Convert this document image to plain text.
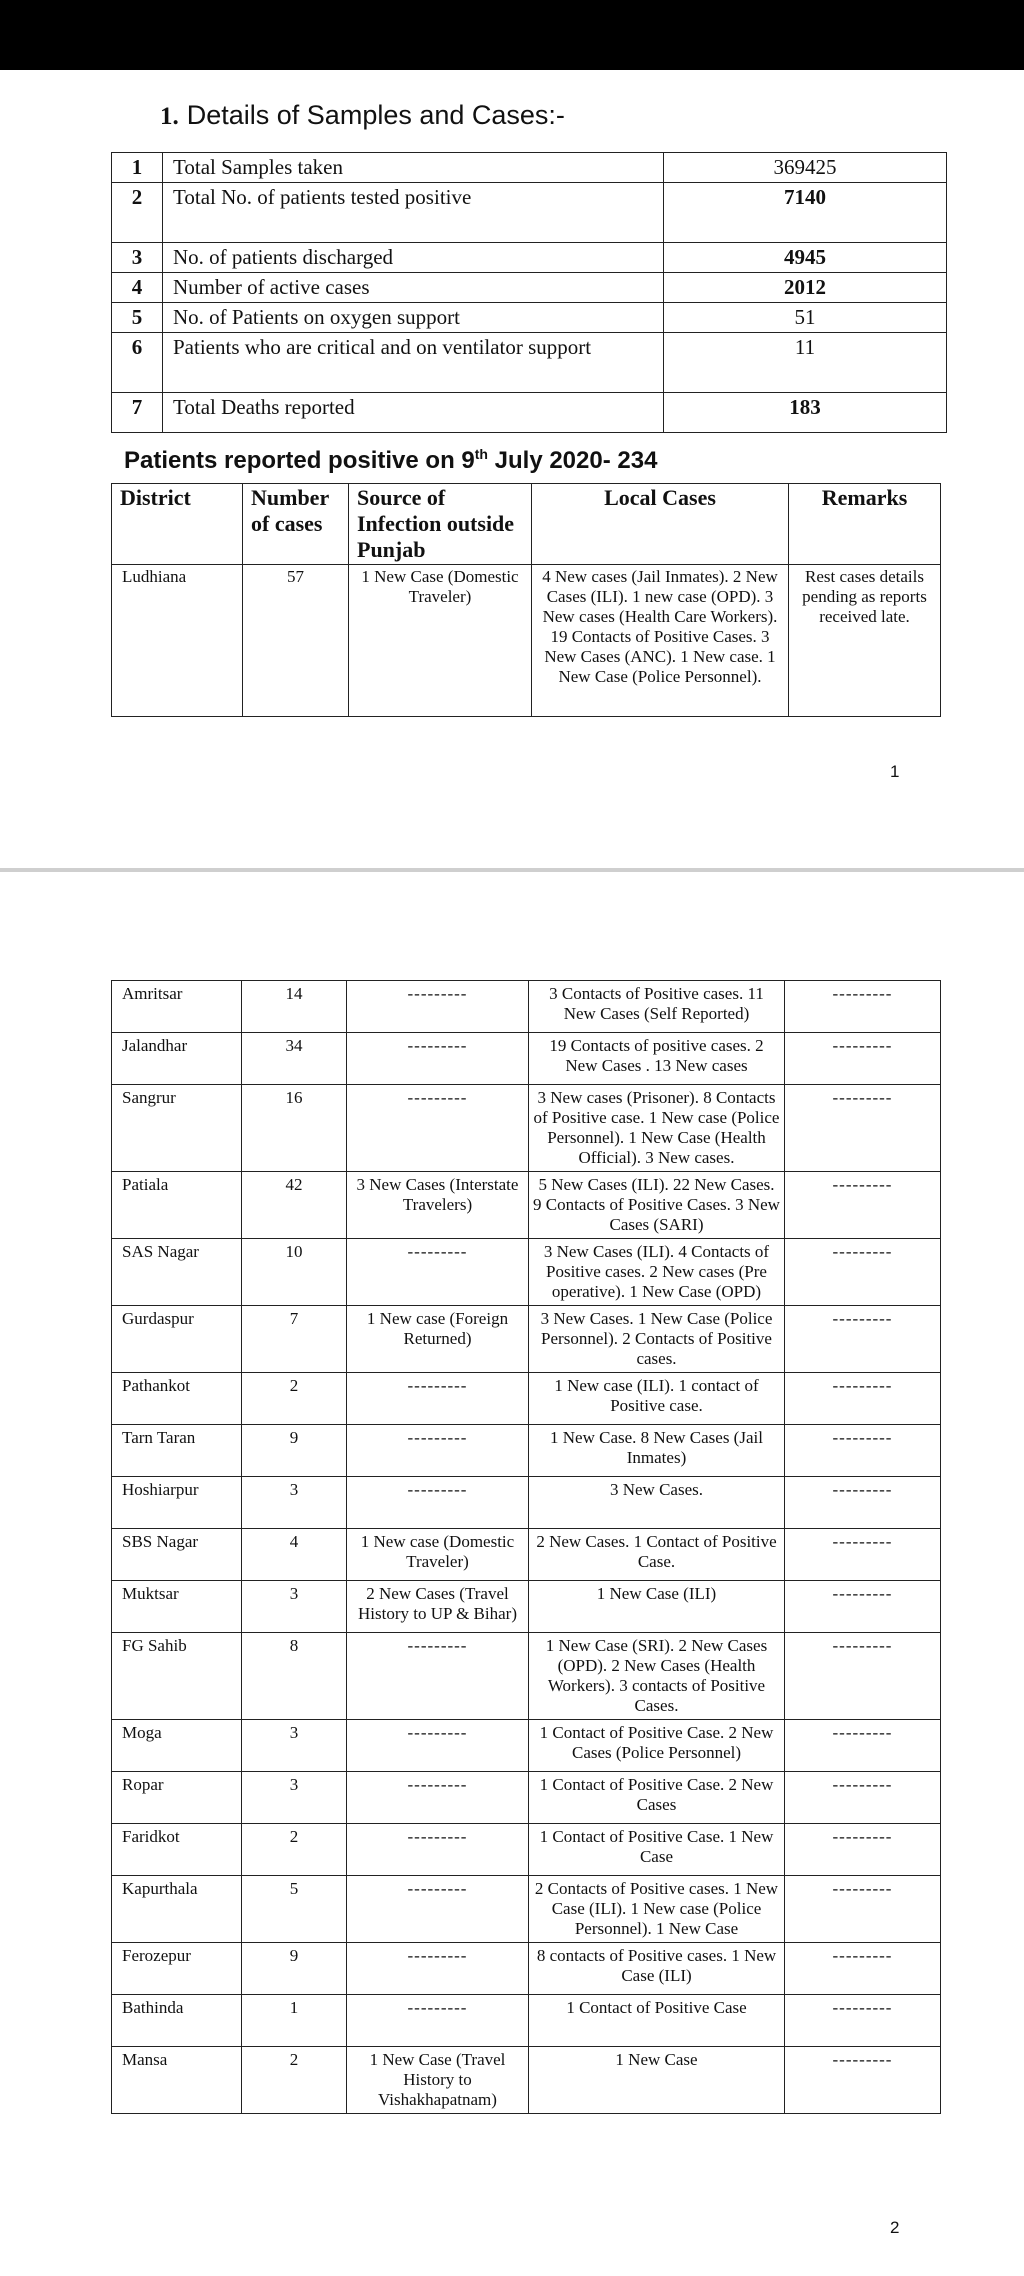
1. Details of Samples and Cases:-
1	Total Samples taken	369425
2	Total No. of patients tested positive	7140
3	No. of patients discharged	4945
4	Number of active cases	2012
5	No. of Patients on oxygen support	51
6	Patients who are critical and on ventilator support	11
7	Total Deaths reported	183
Patients reported positive on 9th July 2020- 234
District	Number of cases	Source of Infection outside Punjab	Local Cases	Remarks
Ludhiana	57	1 New Case (Domestic Traveler)	4 New cases (Jail Inmates). 2 New Cases (ILI). 1 new case (OPD). 3 New cases (Health Care Workers). 19 Contacts of Positive Cases. 3 New Cases (ANC). 1 New case. 1 New Case (Police Personnel).	Rest cases details pending as reports received late.
1
Amritsar	14	---------	3 Contacts of Positive cases. 11 New Cases (Self Reported)	---------
Jalandhar	34	---------	19 Contacts of positive cases. 2 New Cases . 13 New cases	---------
Sangrur	16	---------	3 New cases (Prisoner). 8 Contacts of Positive case. 1 New case (Police Personnel). 1 New Case (Health Official). 3 New cases.	---------
Patiala	42	3 New Cases (Interstate Travelers)	5 New Cases (ILI). 22 New Cases. 9 Contacts of Positive Cases. 3 New Cases (SARI)	---------
SAS Nagar	10	---------	3 New Cases (ILI). 4 Contacts of Positive cases. 2 New cases (Pre operative). 1 New Case (OPD)	---------
Gurdaspur	7	1 New case (Foreign Returned)	3 New Cases. 1 New Case (Police Personnel). 2 Contacts of Positive cases.	---------
Pathankot	2	---------	1 New case (ILI). 1 contact of Positive case.	---------
Tarn Taran	9	---------	1 New Case. 8 New Cases (Jail Inmates)	---------
Hoshiarpur	3	---------	3 New Cases.	---------
SBS Nagar	4	1 New case (Domestic Traveler)	2 New Cases. 1 Contact of Positive Case.	---------
Muktsar	3	2 New Cases (Travel History to UP & Bihar)	1 New Case (ILI)	---------
FG Sahib	8	---------	1 New Case (SRI). 2 New Cases (OPD). 2 New Cases (Health Workers). 3 contacts of Positive Cases.	---------
Moga	3	---------	1 Contact of Positive Case. 2 New Cases (Police Personnel)	---------
Ropar	3	---------	1 Contact of Positive Case. 2 New Cases	---------
Faridkot	2	---------	1 Contact of Positive Case. 1 New Case	---------
Kapurthala	5	---------	2 Contacts of Positive cases. 1 New Case (ILI). 1 New case (Police Personnel). 1 New Case	---------
Ferozepur	9	---------	8 contacts of Positive cases. 1 New Case (ILI)	---------
Bathinda	1	---------	1 Contact of Positive Case	---------
Mansa	2	1 New Case (Travel History to Vishakhapatnam)	1 New Case	---------
2
